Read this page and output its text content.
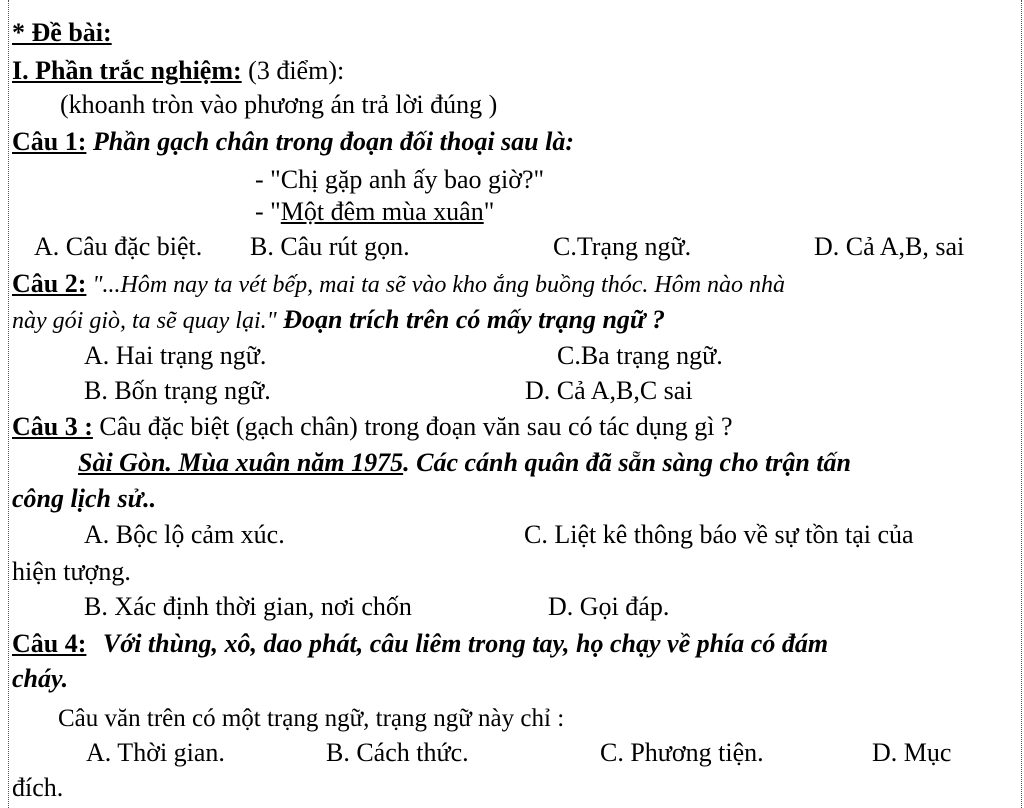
* Đề bài:
I. Phần trắc nghiệm: (3 điểm):
(khoanh tròn vào phương án trả lời đúng )
Câu 1: Phần gạch chân trong đoạn đối thoại sau là:
- "Chị gặp anh ấy bao giờ?"
- "Một đêm mùa xuân"
A. Câu đặc biệt. B. Câu rút gọn.	C.Trạng ngữ.	D. Cả A,B, sai
Câu 2: "...Hôm nay ta vét bếp, mai ta sẽ vào kho ắng buồng thóc. Hôm nào nhà
này gói giò, ta sẽ quay lại." Đoạn trích trên có mấy trạng ngữ ?
A. Hai trạng ngữ.	C.Ba trạng ngữ.
B. Bốn trạng ngữ.	D. Cả A,B,C sai
Câu 3 : Câu đặc biệt (gạch chân) trong đoạn văn sau có tác dụng gì ?
Sài Gòn. Mùa xuân năm 1975. Các cánh quân đã sẵn sàng cho trận tấn
công lịch sử..
A. Bộc lộ cảm xúc.	C. Liệt kê thông báo về sự tồn tại của
hiện tượng.
B. Xác định thời gian, nơi chốn	D. Gọi đáp.
Câu 4: Với thùng, xô, dao phát, câu liêm trong tay, họ chạy về phía có đám
cháy.
Câu văn trên có một trạng ngữ, trạng ngữ này chỉ :
A. Thời gian.	B. Cách thức.	C. Phương tiện.	D. Mục
đích.
